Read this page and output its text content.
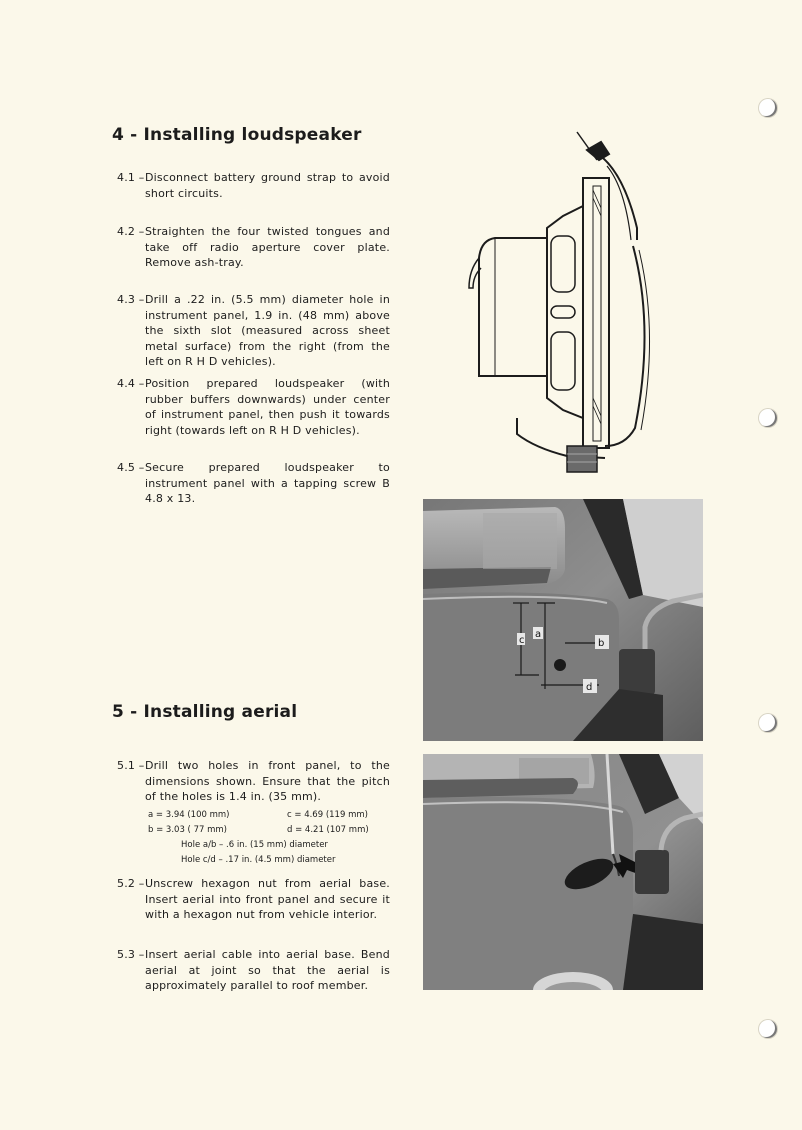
4 - Installing loudspeaker
4.1 – Disconnect battery ground strap to avoid short circuits.
4.2 – Straighten the four twisted tongues and take off radio aperture cover plate. Remove ash-tray.
4.3 – Drill a .22 in. (5.5 mm) diameter hole in instrument panel, 1.9 in. (48 mm) above the sixth slot (measured across sheet metal surface) from the right (from the left on R H D vehicles).
4.4 – Position prepared loudspeaker (with rubber buffers downwards) under center of instrument panel, then push it towards right (towards left on R H D vehicles).
4.5 – Secure prepared loudspeaker to instrument panel with a tapping screw B 4.8 x 13.
a
c	b
d
5 - Installing aerial
5.1 – Drill two holes in front panel, to the dimensions shown. Ensure that the pitch of the holes is 1.4 in. (35 mm).
a = 3.94 (100 mm)	c = 4.69 (119 mm)
b = 3.03 ( 77 mm)	d = 4.21 (107 mm)
Hole a/b – .6 in. (15 mm) diameter
Hole c/d – .17 in. (4.5 mm) diameter
5.2 – Unscrew hexagon nut from aerial base. Insert aerial into front panel and secure it with a hexagon nut from vehicle interior.
5.3 – Insert aerial cable into aerial base. Bend aerial at joint so that the aerial is approximately parallel to roof member.
